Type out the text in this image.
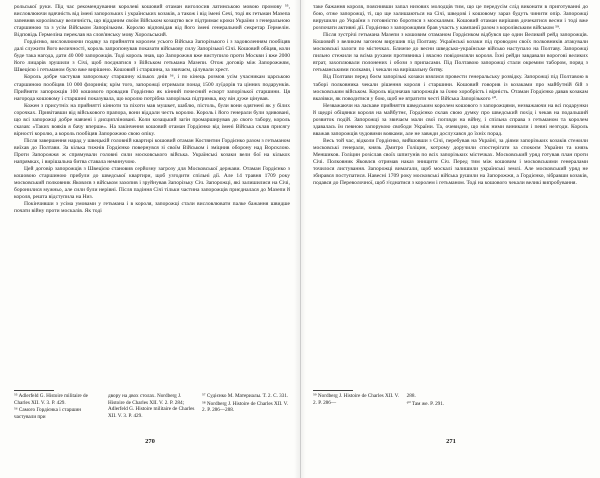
рольської руки. Пiд час рекомендування королеві кошовий отаман виголосив латинською мовою промову ⁵⁵, висловлюючи вдячність від імені запорозьких і українських козаків, а також і від імені Сечі, тоді як гетьман Мазепа запевняв королівську величність, що відданим своїм Військом козацтво все підтримає кроки України з генеральною старшиною та з усім Військом Запорізьким. Королю відповідав від його імені генеральний секретар Гермелін. Відповідь Гермеліна переклав на слов'янську мову Хорольський.

Гордієнко, висловлюючи подяку за прийняття королем усього Війська Запорізького і з задоволенням пообіцяв далі служити його величності, король запропонував показати військову силу Запорізької Січі. Кошовий обіцяв, коли буде така нагода, дати 40 000 запорожців. Тоді король знав, що Запорожжя вже виступило проти Москви і вже 2000 його лицарів зрушили з Січі, щоб поєднатися з Військом гетьмана Мазепи. Отож договір між Запорожжям, Швецією і гетьманом було вже вирішено. Кошовий і старшина, за звичаєм, цілували хрест.

Король добре частував запорозьку старшину кількох днів ⁵⁶, і по кінець розмов усім учасникам царською старшиною пообіцяв 10 000 флоринів; крім того, запорожці отримали понад 1500 луїдорів та цінних подарунків. Прийняти запорожців 100 кошового провадив Гордієнко як кінний почесний ескорт запорізької старшини. Ця нагорода кошовому і старшині показувала, що королю потрібна запорізька підтримка, яку він дуже цінував.

Кожен з присутніх на прийнятті кінноти та піхоти мав мушкет, шаблю, пістоль, були вони одягнені як у білих сорочках. Привітавши від військового прапора, вони віддали честь королю. Король і його генерали були здивовані, що всі запорожці добре навчені і дисципліновані. Коли козацький загін промарширував до свого табору, король сказав: «Таких вояків я бачу вперше». На закінчення кошовий отаман Гордієнко від імені Війська склав присягу вірності королю, а король пообіцяв Запорожжю свою опіку.

Після завершення нарад у швецькій головній квартирі кошовий отаман Костянтин Гордієнко разом з гетьманом виїхав до Полтави. За кілька тижнів Гордієнко повернувся зі своїм Військом і зміцнив оборону над Ворсклою. Проти Запорожжя ж спрямували головні сили московського війська. Українські козаки вели бої на кількох напрямках, і вирішальна битва ставала неминучою.

Цей договір запорожців з Швецією становив серйозну загрозу для Московської держави. Отаман Гордієнко з кошовою старшиною прибули до шведської квартири, щоб узгодити спільні дії. Але 14 травня 1709 року московський полковник Яковлєв з військом захопив і зруйнував Запорізьку Січ. Запорожці, які залишилися на Січі, боронилися мужньо, але сили були нерівні. Після падіння Січі тільки частина запорожців приєдналася до Мазепи й короля, решта відступила на Низ.

Покінчивши з усіма умовами у гетьмана і в короля, запорожці стали висловлювати палке бажання швидше почати війну проти москалів. Як тоді

⁵⁵ Adlerfeld G. Histoire militaire de Charles XII. V. 3. P. 429.

⁵⁶ Самого Гордієнка і старшин частували при

двору на двох столах. Nordberg J. Histoire de Charles XII. V. 2. P. 284; Adlerfeld G. Histoire militaire de Charles XII. V. 3. P. 429.

⁵⁷ Судієнко М. Материалы. Т. 2. С. 331.

⁵⁸ Nordberg J. Histoire de Charles XII. V. 2. P. 286—288.

270

таке бажання короля, пояснивши запал низових молодців тим, що це передусім слід виконати в приготуванні до бою, отже запорожці, ті, що ще залишаються на Січі, шведові і кошовому зараз будуть чинити опір. Запорожці вирушили до України з готовністю боротися з москалями. Кошовий отаман вирішив дочекатися весни і тоді вже розпочати активні дії. Гордієнко з запорожцями брав участь у кампанії разом з королівським військом ⁵⁹.

Після зустрічі гетьмана Мазепи з кошовим отаманом Гордієнком відбувся ще один Великий рейд запорожців. Кошовий з великим загоном вирушив під Полтаву. Українські козаки під проводом своїх полковників атакували московські залоги по містечках. Ближче до весни шведсько-українське військо наступало на Полтаву. Запорожці пильно стежили за всіма рухами противника і вчасно повідомляли короля. Їхні рейди завдавали ворогові великих втрат, захоплювали полонених і обози з припасами. Під Полтавою запорожці стали окремим табором, поряд з гетьманськими полками, і чекали на вирішальну битву.

Від Полтави перед боєм запорізькі козаки взялися провести генеральську розвідку. Запорожці під Полтавою в таборі полковника чекали рішення короля і старшини. Кошовий говорив із козаками про майбутній бій з московським військом. Король відзначав запорожців за їхню хоробрість і вірність. Отаман Гордієнко давав козакам вказівки, як поводитися у бою, щоб не втратити честі Війська Запорізького ⁶⁰.

Незважаючи на ласкаве прийняття шведським королем кошового з запорожцями, незважаючи на всі подарунки й щедрі обіцянки короля на майбутнє, Гордієнко склав свою думку про шведський похід і чекав на подальший розвиток подій. Запорожці за звичаєм мали свої погляди на війну, і спільна справа з гетьманом та королем здавалась їм певною запорукою свободи України. Та, очевидно, що між ними виникали і певні незгоди. Король вважав запорожців чудовими вояками, але не завжди дослухався до їхніх порад.

Весь той час, відколи Гордієнко, вийшовши з Січі, перебував на Україні, за діями запорізьких козаків стежили московські генерали, князь Дмитро Голіцин, котрому доручили спостерігати за спокоєм України та князь Меншиков. Голіцин розіслав своїх шпигунів по всіх запорізьких містечках. Московський уряд готував план проти Січі. Полковник Яковлєв отримав наказ знищити Січ. Перед тим між кошовим і московськими генералами точилося листування. Запорожці вимагали, щоб москалі залишили українські землі. Але московський уряд не збирався поступатися. Навесні 1709 року московські війська рушили на Запорожжя, а Гордієнко, зібравши козаків, подався до Переволочної, щоб з'єднатися з королем і гетьманом. Тоді на кошового чекали великі випробування.

⁵⁹ Nordberg J. Histoire de Charles XII. V. 2. P. 286—

288.

⁶⁰ Там же. P. 291.

271
